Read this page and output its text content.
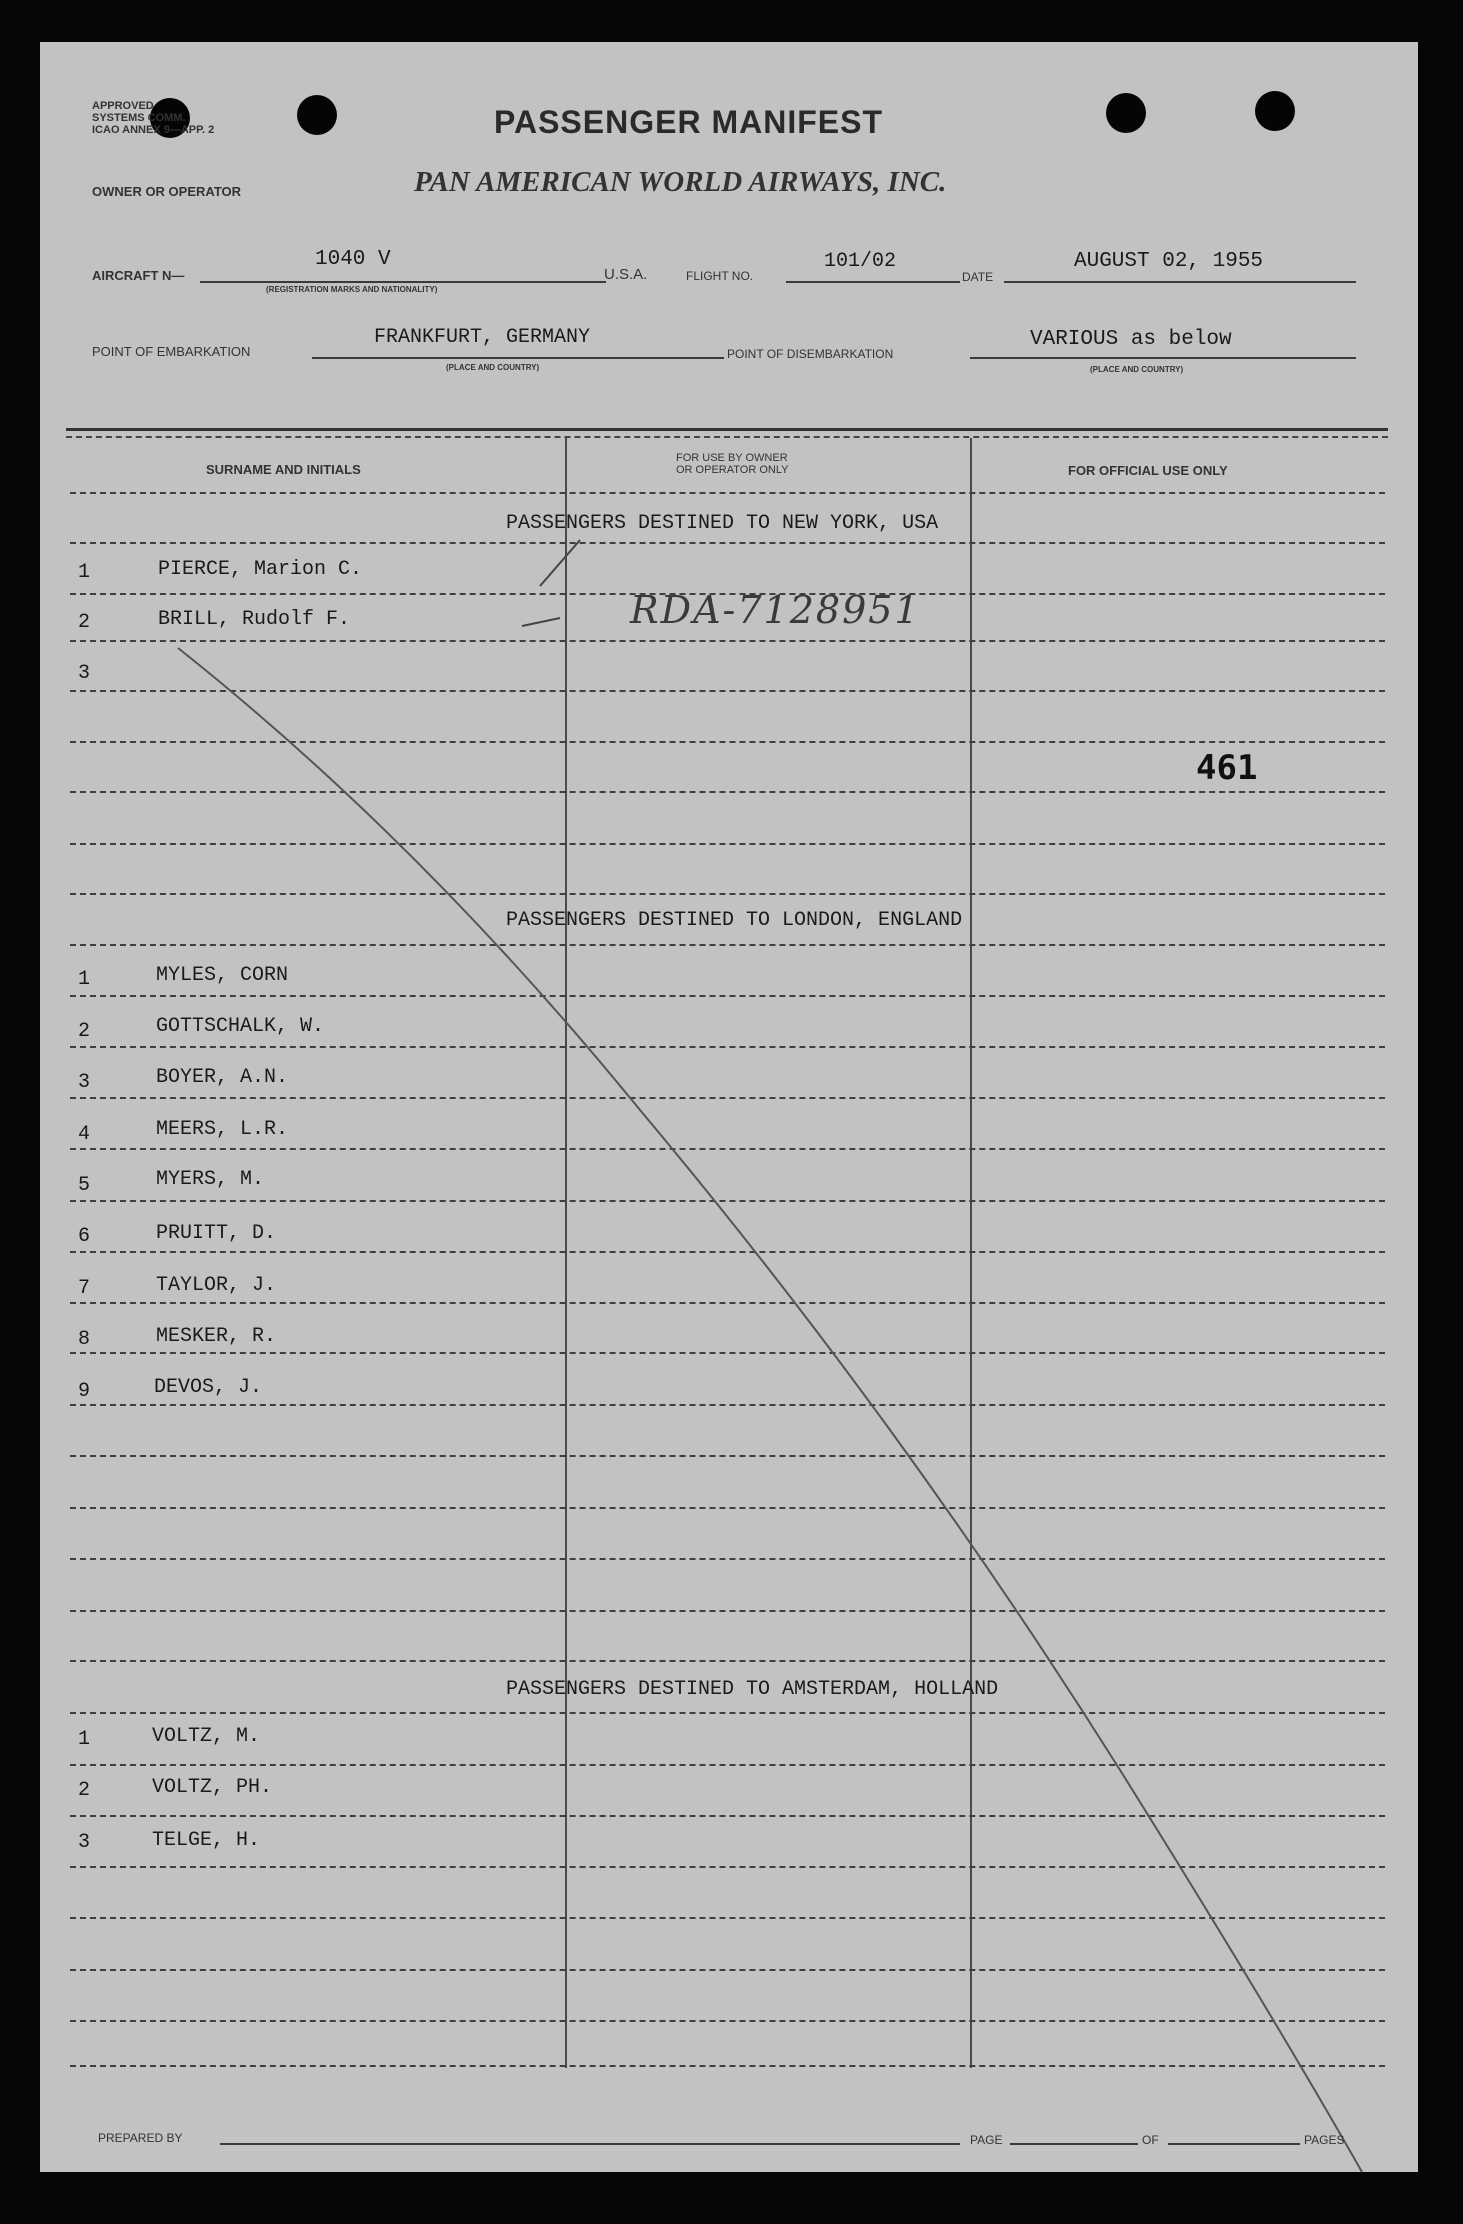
APPROVED
SYSTEMS COMM.
ICAO ANNEX 9—APP. 2	PASSENGER MANIFEST
OWNER OR OPERATOR	PAN AMERICAN WORLD AIRWAYS, INC.
AIRCRAFT N—
1040 V
(REGISTRATION MARKS AND NATIONALITY)
U.S.A.	FLIGHT NO.
101/02
DATE
AUGUST 02, 1955
POINT OF EMBARKATION
FRANKFURT, GERMANY
(PLACE AND COUNTRY)
POINT OF DISEMBARKATION
VARIOUS as below
(PLACE AND COUNTRY)
SURNAME AND INITIALS
FOR USE BY OWNER
OR OPERATOR ONLY	FOR OFFICIAL USE ONLY
PASSENGERS DESTINED TO NEW YORK, USA
1	PIERCE, Marion C.
2	BRILL, Rudolf F.
3
PASSENGERS DESTINED TO LONDON, ENGLAND
1	MYLES, CORN
2	GOTTSCHALK, W.
3	BOYER, A.N.
4	MEERS, L.R.
5	MYERS, M.
6	PRUITT, D.
7	TAYLOR, J.
8	MESKER, R.
9	DEVOS, J.
PASSENGERS DESTINED TO AMSTERDAM, HOLLAND
1	VOLTZ, M.
2	VOLTZ, PH.
3	TELGE, H.
RDA-7128951
461
PREPARED BY	PAGE	OF	PAGES
